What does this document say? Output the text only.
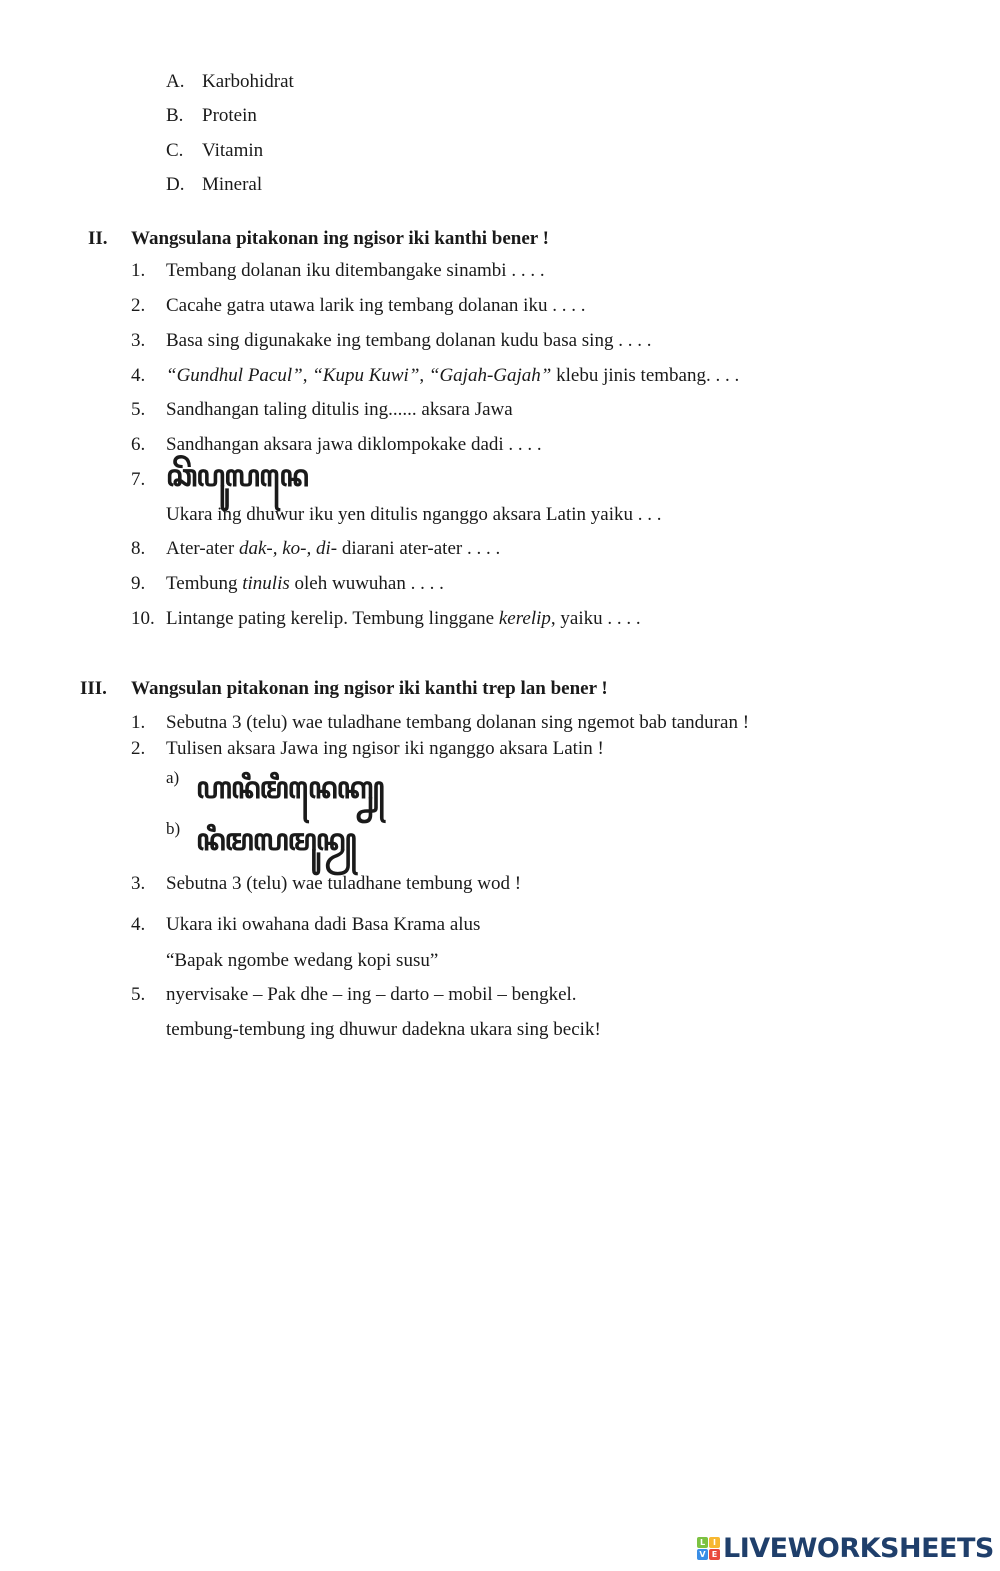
A. Karbohidrat
B. Protein
C. Vitamin
D. Mineral
II. Wangsulana pitakonan ing ngisor iki kanthi bener !
1. Tembang dolanan iku ditembangake sinambi . . . .
2. Cacahe gatra utawa larik ing tembang dolanan iku . . . .
3. Basa sing digunakake ing tembang dolanan kudu basa sing . . . .
4. “Gundhul Pacul”, “Kupu Kuwi”, “Gajah-Gajah” klebu jinis tembang. . . .
5. Sandhangan taling ditulis ing...... aksara Jawa
6. Sandhangan aksara jawa diklompokake dadi . . . .
7. ꦕꦼꦥꦸꦭꦤꦺ
Ukara ing dhuwur iku yen ditulis nganggo aksara Latin yaiku . . .
8. Ater-ater dak-, ko-, di- diarani ater-ater . . . .
9. Tembung tinulis oleh wuwuhan . . . .
10. Lintange pating kerelip. Tembung linggane kerelip, yaiku . . . .
III. Wangsulan pitakonan ing ngisor iki kanthi trep lan bener !
1. Sebutna 3 (telu) wae tuladhane tembang dolanan sing ngemot bab tanduran !
2. Tulisen aksara Jawa ing ngisor iki nganggo aksara Latin !
a) ꦲꦤꦶꦩꦶꦤꦺꦏ꧀ꦤꦾ
b) ꦤꦶꦩꦭꦩꦸꦤꦾ
3. Sebutna 3 (telu) wae tuladhane tembung wod !
4. Ukara iki owahana dadi Basa Krama alus
“Bapak ngombe wedang kopi susu”
5. nyervisake – Pak dhe – ing – darto – mobil – bengkel.
tembung-tembung ing dhuwur dadekna ukara sing becik!
L I
V E LIVEWORKSHEETS
